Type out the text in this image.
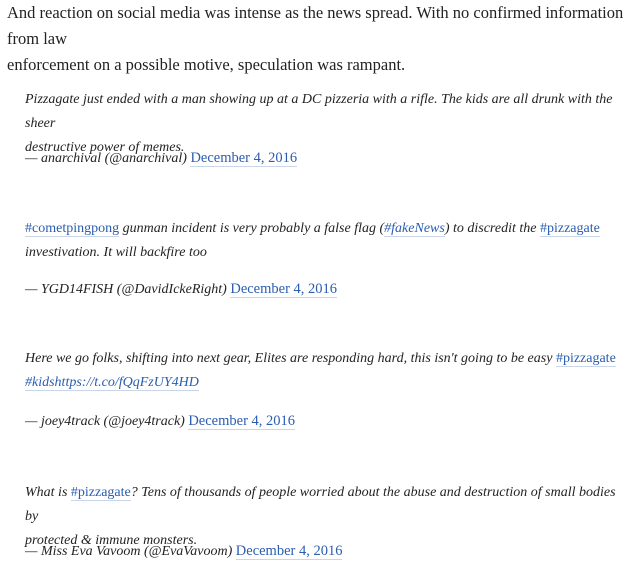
And reaction on social media was intense as the news spread. With no confirmed information from law
enforcement on a possible motive, speculation was rampant.

Pizzagate just ended with a man showing up at a DC pizzeria with a rifle. The kids are all drunk with the sheer
destructive power of memes.

— anarchival (@anarchival) December 4, 2016

#cometpingpong gunman incident is very probably a false flag (#fakeNews) to discredit the #pizzagate
investivation. It will backfire too

— YGD14FISH (@DavidIckeRight) December 4, 2016

Here we go folks, shifting into next gear, Elites are responding hard, this isn't going to be easy #pizzagate
#kidshttps://t.co/fQqFzUY4HD

— joey4track (@joey4track) December 4, 2016

What is #pizzagate? Tens of thousands of people worried about the abuse and destruction of small bodies by
protected & immune monsters.

— Miss Eva Vavoom (@EvaVavoom) December 4, 2016
